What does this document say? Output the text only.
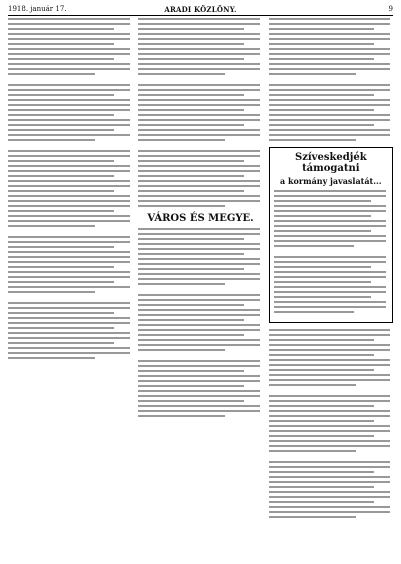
1918. január 17.	ARADI KÖZLÖNY.	9
VÁROS ÉS MEGYE.
Szíveskedjék támogatni
a kormány javaslatát...
